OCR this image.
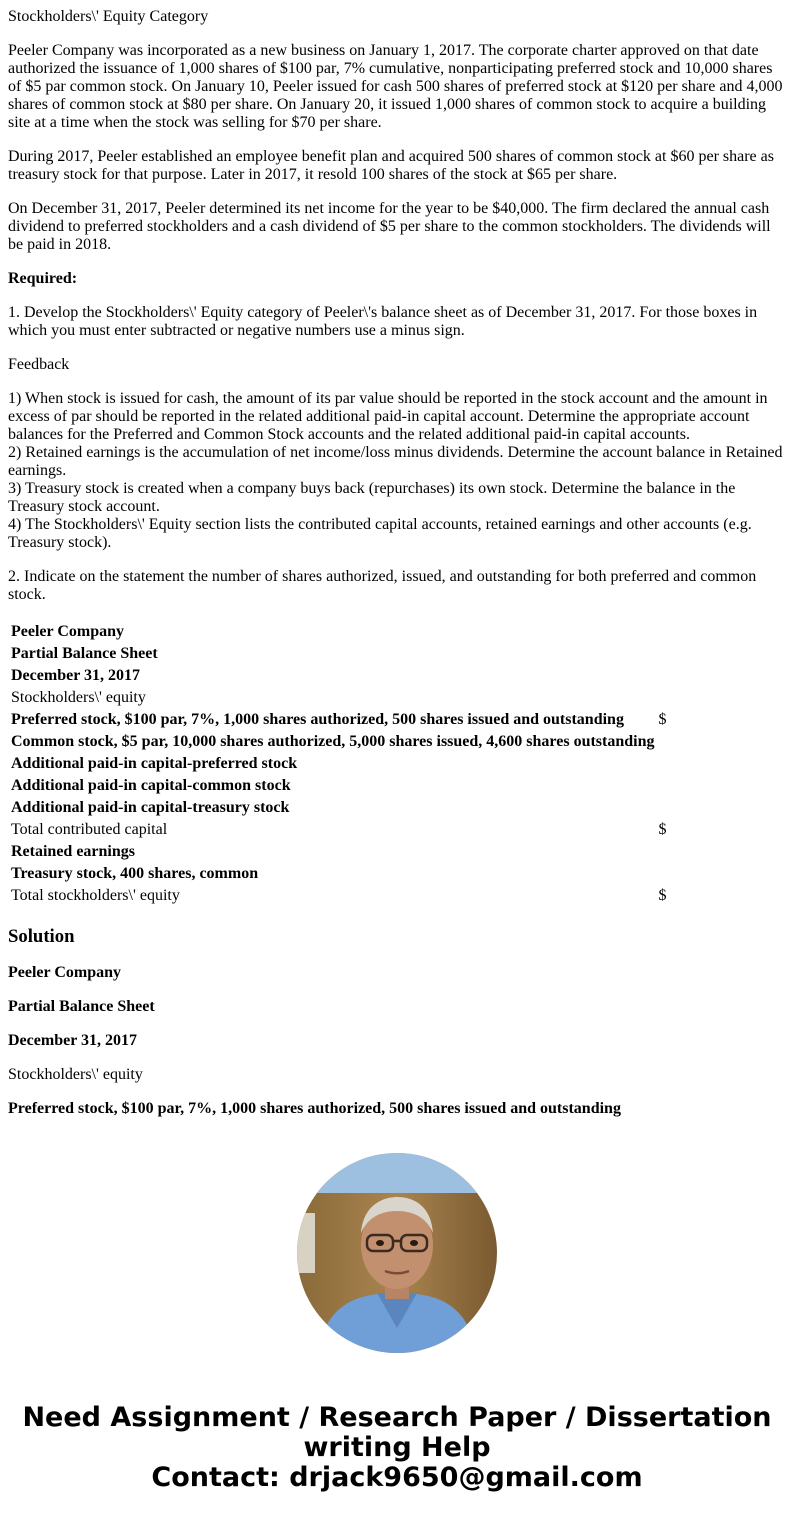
Stockholders\' Equity Category

Peeler Company was incorporated as a new business on January 1, 2017. The corporate charter approved on that date authorized the issuance of 1,000 shares of $100 par, 7% cumulative, nonparticipating preferred stock and 10,000 shares of $5 par common stock. On January 10, Peeler issued for cash 500 shares of preferred stock at $120 per share and 4,000 shares of common stock at $80 per share. On January 20, it issued 1,000 shares of common stock to acquire a building site at a time when the stock was selling for $70 per share.

During 2017, Peeler established an employee benefit plan and acquired 500 shares of common stock at $60 per share as treasury stock for that purpose. Later in 2017, it resold 100 shares of the stock at $65 per share.

On December 31, 2017, Peeler determined its net income for the year to be $40,000. The firm declared the annual cash dividend to preferred stockholders and a cash dividend of $5 per share to the common stockholders. The dividends will be paid in 2018.

Required:

1. Develop the Stockholders\' Equity category of Peeler\'s balance sheet as of December 31, 2017. For those boxes in which you must enter subtracted or negative numbers use a minus sign.

Feedback

1) When stock is issued for cash, the amount of its par value should be reported in the stock account and the amount in excess of par should be reported in the related additional paid-in capital account. Determine the appropriate account balances for the Preferred and Common Stock accounts and the related additional paid-in capital accounts.
2) Retained earnings is the accumulation of net income/loss minus dividends. Determine the account balance in Retained earnings.
3) Treasury stock is created when a company buys back (repurchases) its own stock. Determine the balance in the Treasury stock account.
4) The Stockholders\' Equity section lists the contributed capital accounts, retained earnings and other accounts (e.g. Treasury stock).

2. Indicate on the statement the number of shares authorized, issued, and outstanding for both preferred and common stock.

Peeler Company	
Partial Balance Sheet	
December 31, 2017	
Stockholders\' equity	
Preferred stock, $100 par, 7%, 1,000 shares authorized, 500 shares issued and outstanding	$
Common stock, $5 par, 10,000 shares authorized, 5,000 shares issued, 4,600 shares outstanding	
Additional paid-in capital-preferred stock	
Additional paid-in capital-common stock	
Additional paid-in capital-treasury stock	
Total contributed capital	$
Retained earnings	
Treasury stock, 400 shares, common	
Total stockholders\' equity	$
Solution

Peeler Company

Partial Balance Sheet

December 31, 2017

Stockholders\' equity

Preferred stock, $100 par, 7%, 1,000 shares authorized, 500 shares issued and outstanding

Need Assignment / Research Paper / Dissertation
writing Help
Contact: drjack9650@gmail.com
